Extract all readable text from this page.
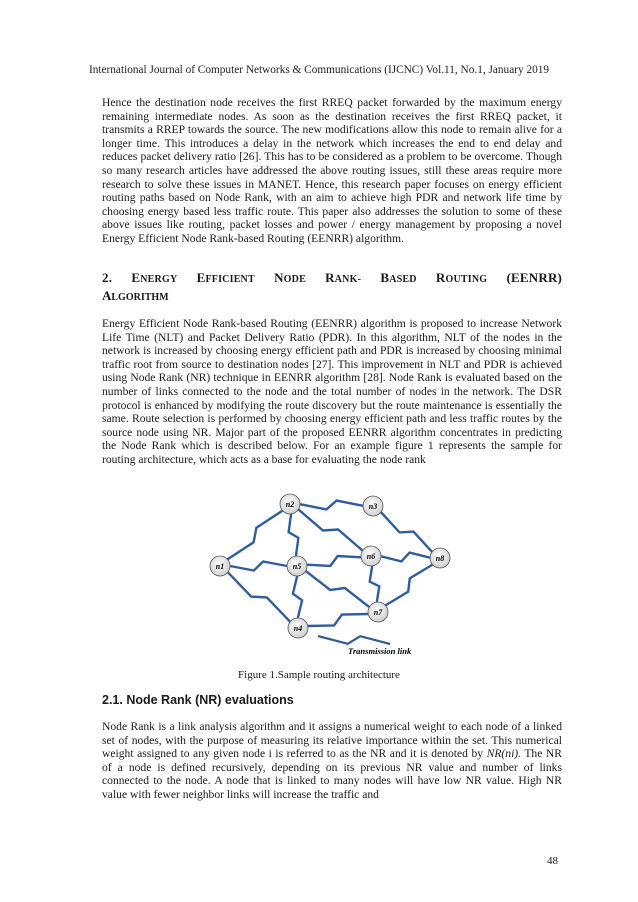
International Journal of Computer Networks & Communications (IJCNC) Vol.11, No.1, January 2019

Hence the destination node receives the first RREQ packet forwarded by the maximum energy remaining intermediate nodes. As soon as the destination receives the first RREQ packet, it transmits a RREP towards the source. The new modifications allow this node to remain alive for a longer time. This introduces a delay in the network which increases the end to end delay and reduces packet delivery ratio [26]. This has to be considered as a problem to be overcome. Though so many research articles have addressed the above routing issues, still these areas require more research to solve these issues in MANET. Hence, this research paper focuses on energy efficient routing paths based on Node Rank, with an aim to achieve high PDR and network life time by choosing energy based less traffic route. This paper also addresses the solution to some of these above issues like routing, packet losses and power / energy management by proposing a novel Energy Efficient Node Rank-based Routing (EENRR) algorithm.

2. ENERGY EFFICIENT NODE RANK- BASED ROUTING (EENRR)

ALGORITHM

Energy Efficient Node Rank-based Routing (EENRR) algorithm is proposed to increase Network Life Time (NLT) and Packet Delivery Ratio (PDR). In this algorithm, NLT of the nodes in the network is increased by choosing energy efficient path and PDR is increased by choosing minimal traffic root from source to destination nodes [27]. This improvement in NLT and PDR is achieved using Node Rank (NR) technique in EENRR algorithm [28]. Node Rank is evaluated based on the number of links connected to the node and the total number of nodes in the network. The DSR protocol is enhanced by modifying the route discovery but the route maintenance is essentially the same. Route selection is performed by choosing energy efficient path and less traffic routes by the source node using NR. Major part of the proposed EENRR algorithm concentrates in predicting the Node Rank which is described below. For an example figure 1 represents the sample for routing architecture, which acts as a base for evaluating the node rank

n1
n2	n3
n4
n5
n6
n7
n8
Transmission link
Figure 1.Sample routing architecture

2.1. Node Rank (NR) evaluations

Node Rank is a link analysis algorithm and it assigns a numerical weight to each node of a linked set of nodes, with the purpose of measuring its relative importance within the set. This numerical weight assigned to any given node i is referred to as the NR and it is denoted by NR(ni). The NR of a node is defined recursively, depending on its previous NR value and number of links connected to the node. A node that is linked to many nodes will have low NR value. High NR value with fewer neighbor links will increase the traffic and

48
